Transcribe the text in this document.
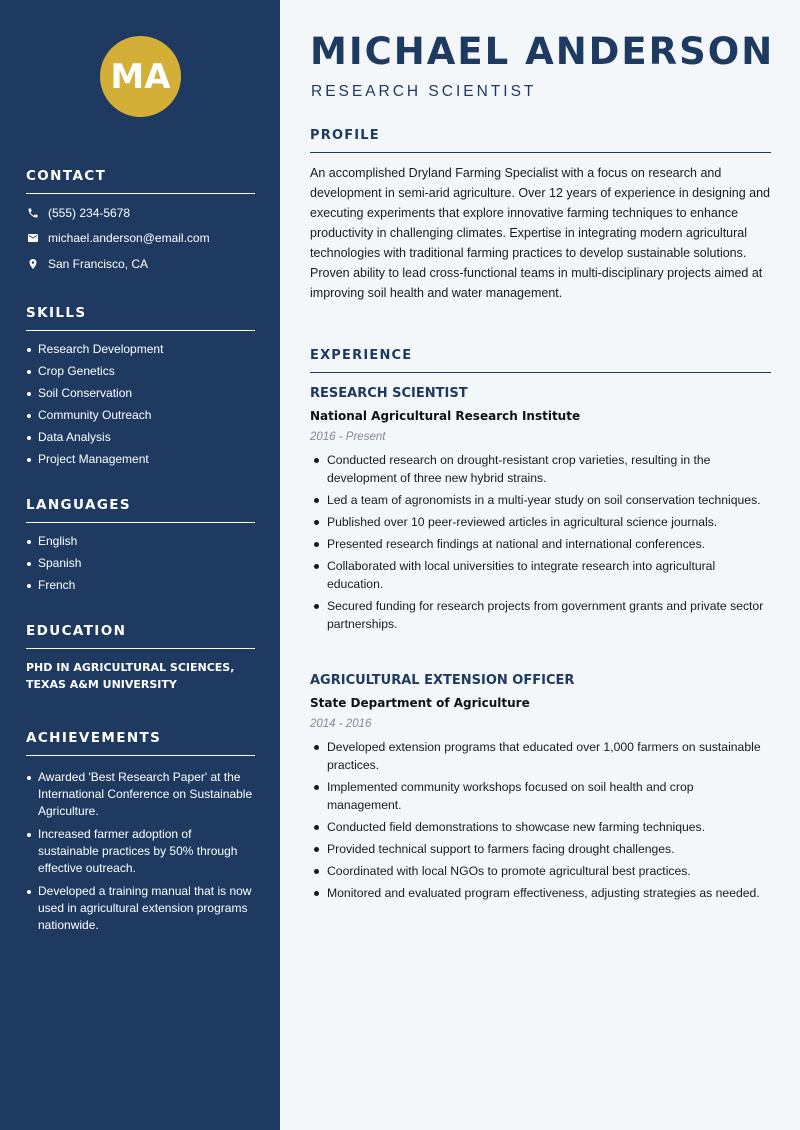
MA
CONTACT
(555) 234-5678
michael.anderson@email.com
San Francisco, CA
SKILLS
Research Development
Crop Genetics
Soil Conservation
Community Outreach
Data Analysis
Project Management
LANGUAGES
English
Spanish
French
EDUCATION
PHD IN AGRICULTURAL SCIENCES, TEXAS A&M UNIVERSITY
ACHIEVEMENTS
Awarded 'Best Research Paper' at the International Conference on Sustainable Agriculture.
Increased farmer adoption of sustainable practices by 50% through effective outreach.
Developed a training manual that is now used in agricultural extension programs nationwide.
MICHAEL ANDERSON
RESEARCH SCIENTIST
PROFILE
An accomplished Dryland Farming Specialist with a focus on research and development in semi-arid agriculture. Over 12 years of experience in designing and executing experiments that explore innovative farming techniques to enhance productivity in challenging climates. Expertise in integrating modern agricultural technologies with traditional farming practices to develop sustainable solutions. Proven ability to lead cross-functional teams in multi-disciplinary projects aimed at improving soil health and water management.
EXPERIENCE
RESEARCH SCIENTIST
National Agricultural Research Institute
2016 - Present
Conducted research on drought-resistant crop varieties, resulting in the development of three new hybrid strains.
Led a team of agronomists in a multi-year study on soil conservation techniques.
Published over 10 peer-reviewed articles in agricultural science journals.
Presented research findings at national and international conferences.
Collaborated with local universities to integrate research into agricultural education.
Secured funding for research projects from government grants and private sector partnerships.
AGRICULTURAL EXTENSION OFFICER
State Department of Agriculture
2014 - 2016
Developed extension programs that educated over 1,000 farmers on sustainable practices.
Implemented community workshops focused on soil health and crop management.
Conducted field demonstrations to showcase new farming techniques.
Provided technical support to farmers facing drought challenges.
Coordinated with local NGOs to promote agricultural best practices.
Monitored and evaluated program effectiveness, adjusting strategies as needed.
